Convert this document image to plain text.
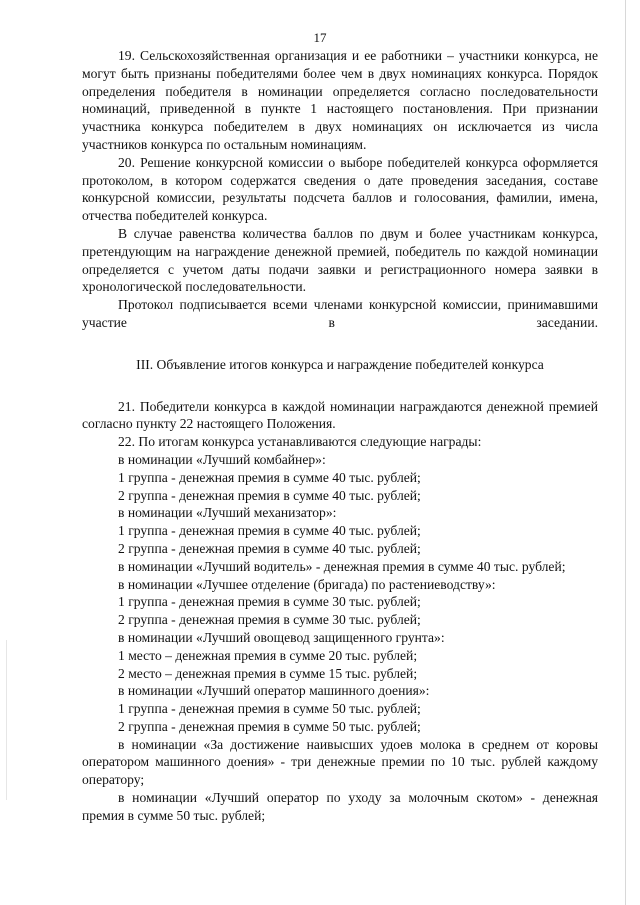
17

19. Сельскохозяйственная организация и ее работники – участники конкурса, не могут быть признаны победителями более чем в двух номинациях конкурса. Порядок определения победителя в номинации определяется согласно последовательности номинаций, приведенной в пункте 1 настоящего постановления. При признании участника конкурса победителем в двух номинациях он исключается из числа участников конкурса по остальным номинациям.

20. Решение конкурсной комиссии о выборе победителей конкурса оформляется протоколом, в котором содержатся сведения о дате проведения заседания, составе конкурсной комиссии, результаты подсчета баллов и голосования, фамилии, имена, отчества победителей конкурса.

В случае равенства количества баллов по двум и более участникам конкурса, претендующим на награждение денежной премией, победитель по каждой номинации определяется с учетом даты подачи заявки и регистрационного номера заявки в хронологической последовательности.

Протокол подписывается всеми членами конкурсной комиссии, принимавшими участие в заседании.

III. Объявление итогов конкурса и награждение победителей конкурса

21. Победители конкурса в каждой номинации награждаются денежной премией согласно пункту 22 настоящего Положения.

22. По итогам конкурса устанавливаются следующие награды:

в номинации «Лучший комбайнер»:

1 группа - денежная премия в сумме 40 тыс. рублей;

2 группа - денежная премия в сумме 40 тыс. рублей;

в номинации «Лучший механизатор»:

1 группа - денежная премия в сумме 40 тыс. рублей;

2 группа - денежная премия в сумме 40 тыс. рублей;

в номинации «Лучший водитель» - денежная премия в сумме 40 тыс. рублей;

в номинации «Лучшее отделение (бригада) по растениеводству»:

1 группа - денежная премия в сумме 30 тыс. рублей;

2 группа - денежная премия в сумме 30 тыс. рублей;

в номинации «Лучший овощевод защищенного грунта»:

1 место – денежная премия в сумме 20 тыс. рублей;

2 место – денежная премия в сумме 15 тыс. рублей;

в номинации «Лучший оператор машинного доения»:

1 группа - денежная премия в сумме 50 тыс. рублей;

2 группа - денежная премия в сумме 50 тыс. рублей;

в номинации «За достижение наивысших удоев молока в среднем от коровы оператором машинного доения» - три денежные премии по 10 тыс. рублей каждому оператору;

в номинации «Лучший оператор по уходу за молочным скотом» - денежная премия в сумме 50 тыс. рублей;
